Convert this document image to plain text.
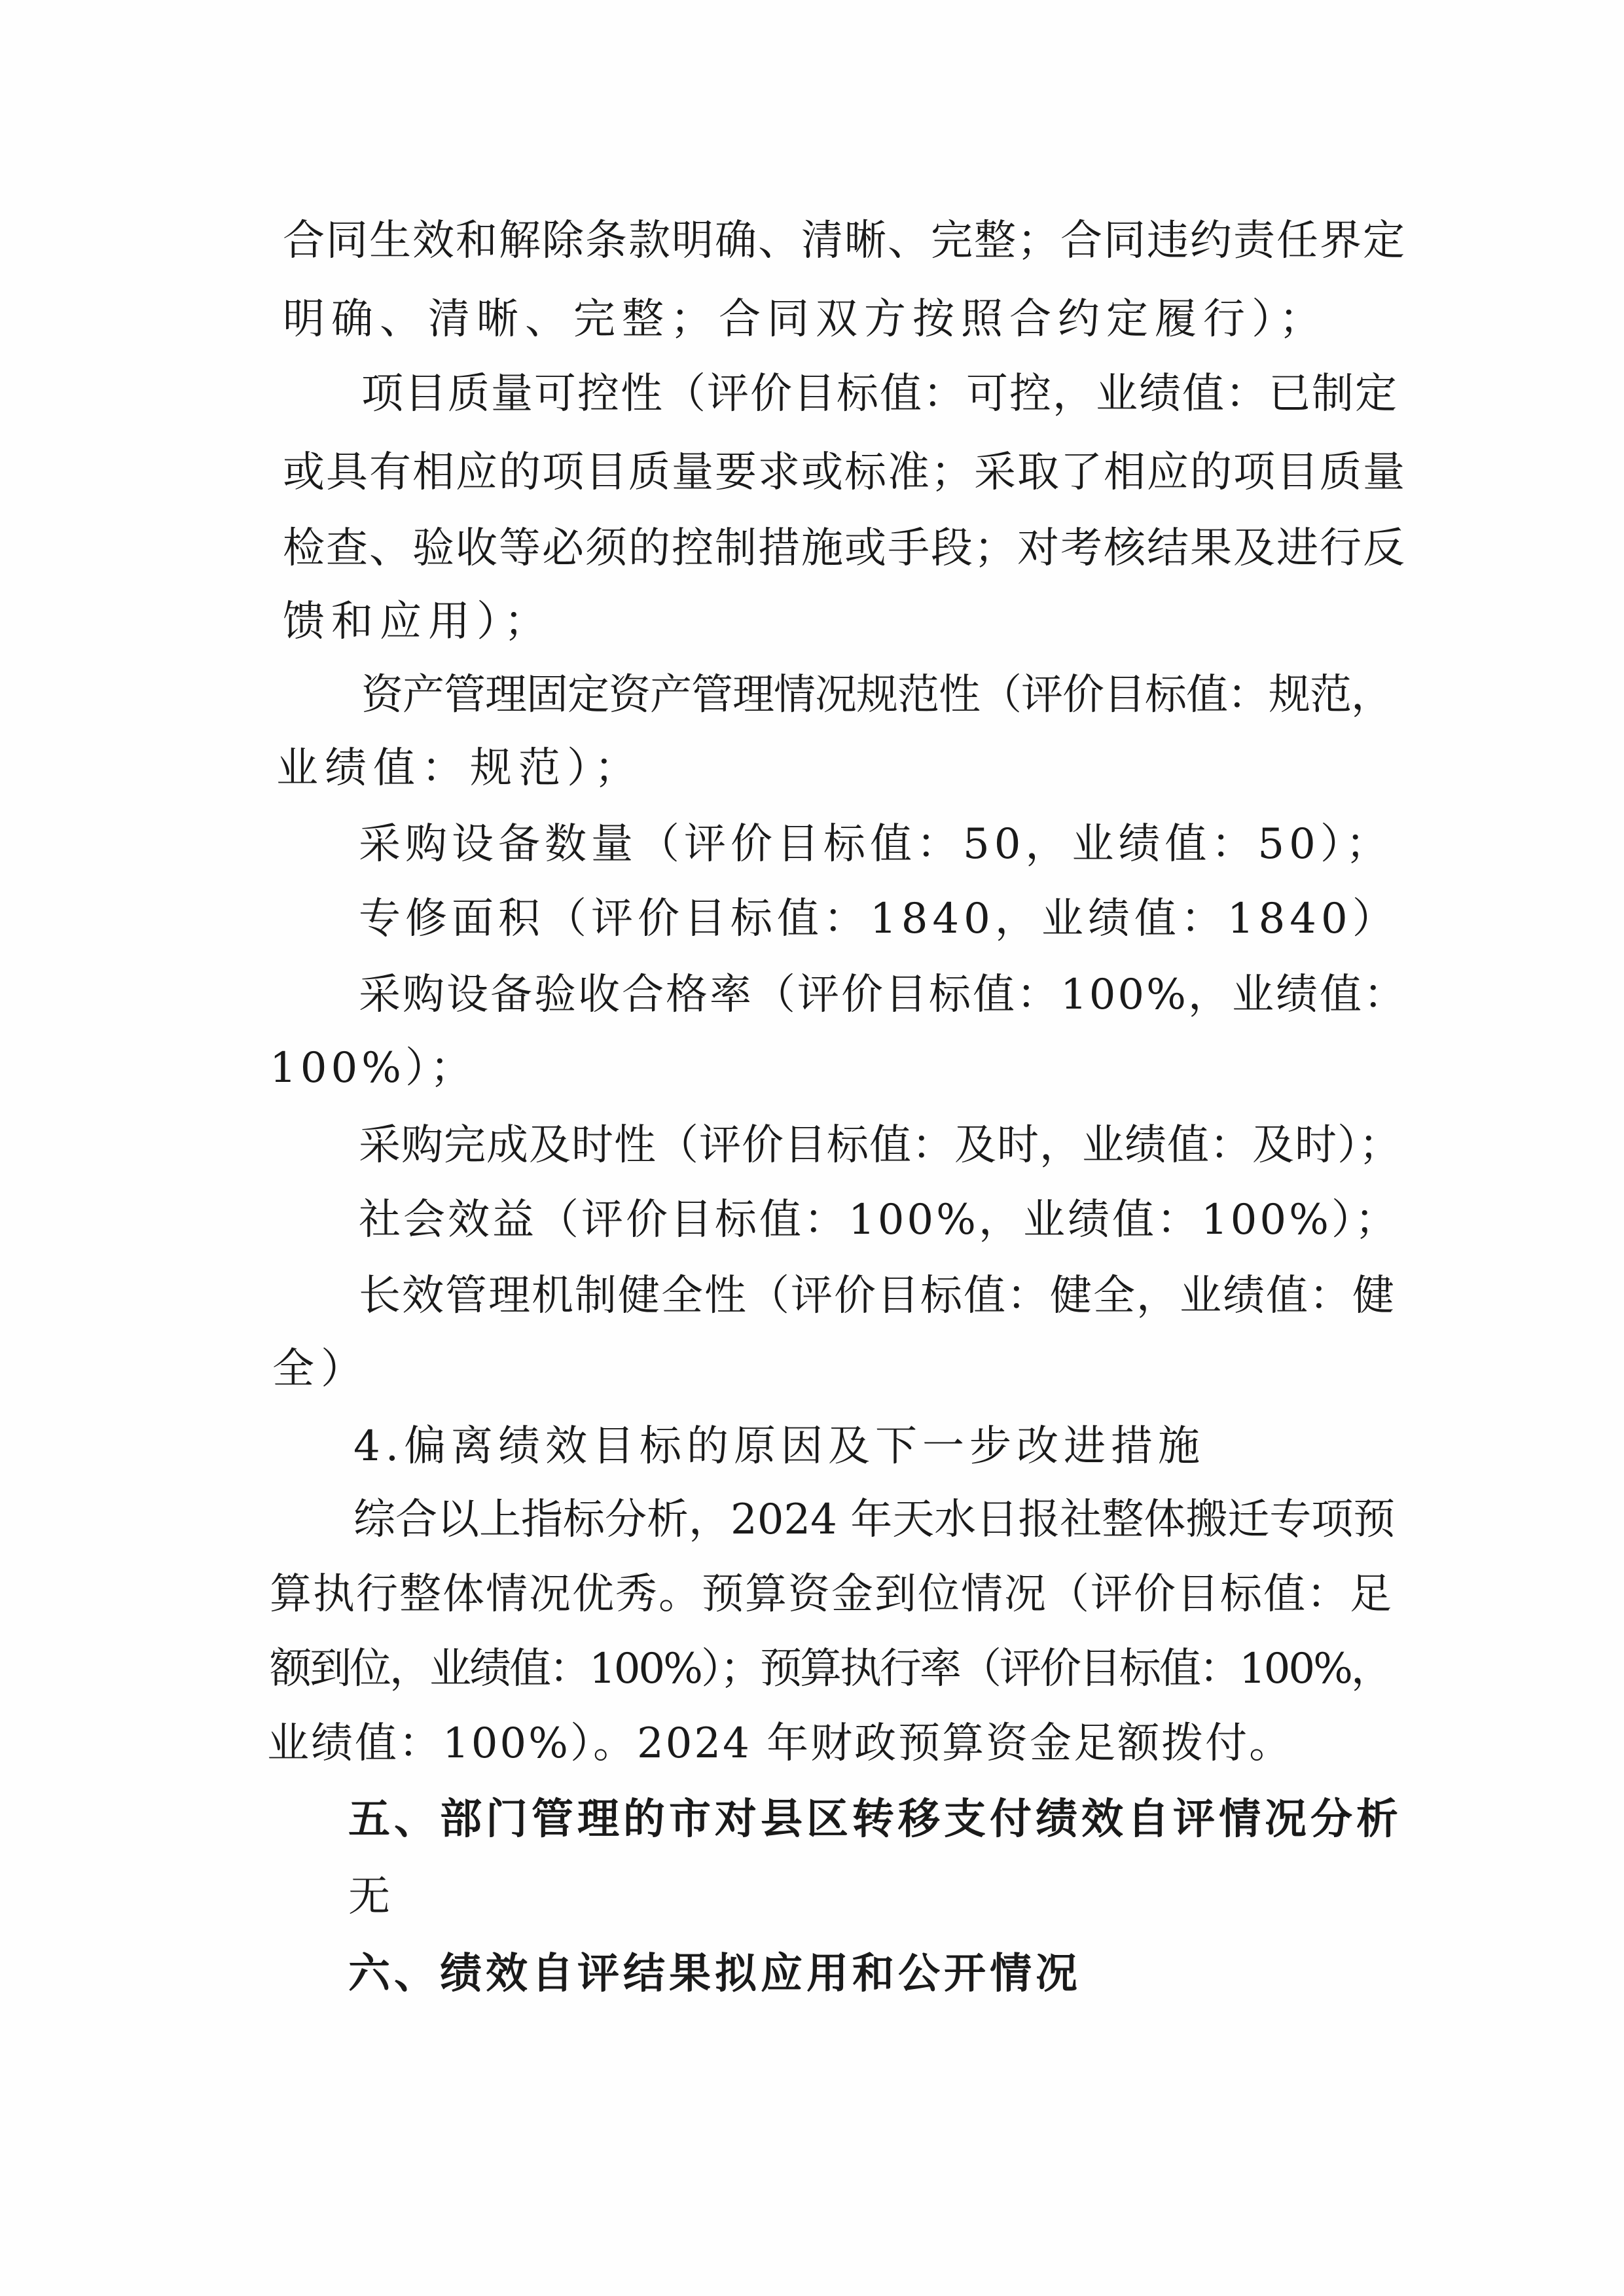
合同生效和解除条款明确、清晰、完整；合同违约责任界定
明确、清晰、完整；合同双方按照合约定履行）；
项目质量可控性（评价目标值：可控，业绩值：已制定
或具有相应的项目质量要求或标准；采取了相应的项目质量
检查、验收等必须的控制措施或手段；对考核结果及进行反
馈和应用）；
资产管理固定资产管理情况规范性（评价目标值：规范，
业绩值：规范）；
采购设备数量（评价目标值：50，业绩值：50）；
专修面积（评价目标值：1840，业绩值：1840）
采购设备验收合格率（评价目标值：100%，业绩值：
100%）；
采购完成及时性（评价目标值：及时，业绩值：及时）；
社会效益（评价目标值：100%，业绩值：100%）；
长效管理机制健全性（评价目标值：健全，业绩值：健
全）
4.偏离绩效目标的原因及下一步改进措施
综合以上指标分析，2024 年天水日报社整体搬迁专项预
算执行整体情况优秀。预算资金到位情况（评价目标值：足
额到位，业绩值：100%）；预算执行率（评价目标值：100%，
业绩值：100%）。2024 年财政预算资金足额拨付。
五、部门管理的市对县区转移支付绩效自评情况分析
无
六、绩效自评结果拟应用和公开情况
